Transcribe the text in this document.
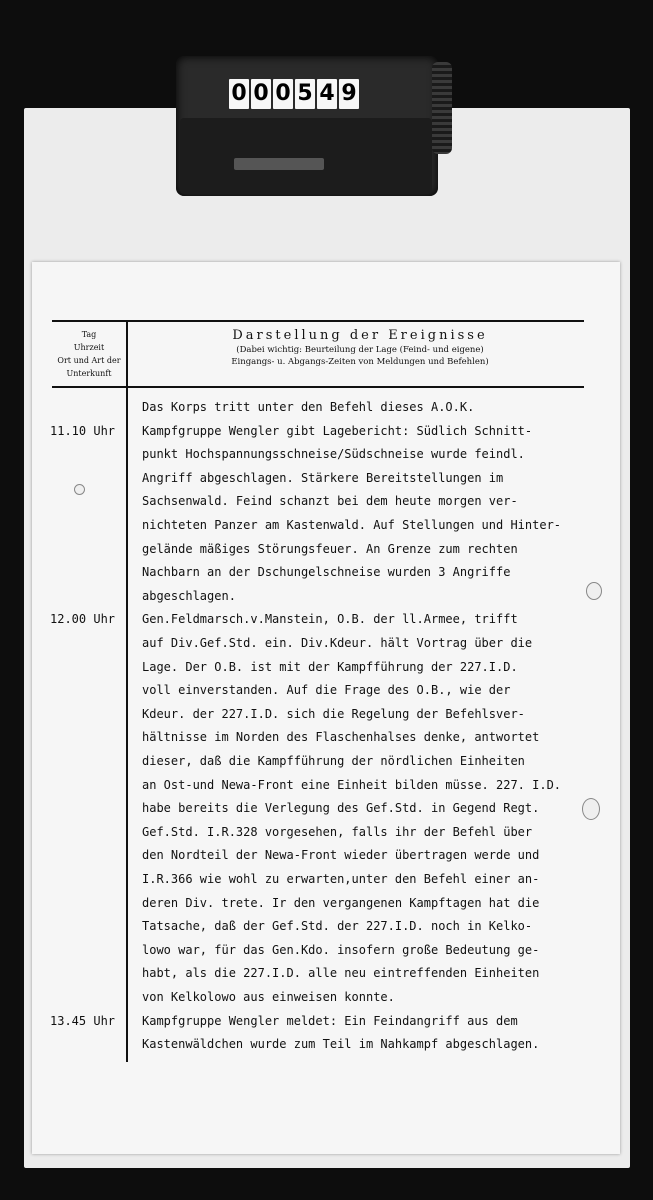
0 0 0 5 4 9
Tag
Uhrzeit
Ort und Art der
Unterkunft
Darstellung der Ereignisse
(Dabei wichtig: Beurteilung der Lage (Feind- und eigene)
Eingangs- u. Abgangs-Zeiten von Meldungen und Befehlen)
Das Korps tritt unter den Befehl dieses A.O.K.
11.10 Uhr	Kampfgruppe Wengler gibt Lagebericht: Südlich Schnitt-
punkt Hochspannungsschneise/Südschneise wurde feindl.
Angriff abgeschlagen. Stärkere Bereitstellungen im
Sachsenwald. Feind schanzt bei dem heute morgen ver-
nichteten Panzer am Kastenwald. Auf Stellungen und Hinter-
gelände mäßiges Störungsfeuer. An Grenze zum rechten
Nachbarn an der Dschungelschneise wurden 3 Angriffe
abgeschlagen.
12.00 Uhr	Gen.Feldmarsch.v.Manstein, O.B. der ll.Armee, trifft
auf Div.Gef.Std. ein. Div.Kdeur. hält Vortrag über die
Lage. Der O.B. ist mit der Kampfführung der 227.I.D.
voll einverstanden. Auf die Frage des O.B., wie der
Kdeur. der 227.I.D. sich die Regelung der Befehlsver-
hältnisse im Norden des Flaschenhalses denke, antwortet
dieser, daß die Kampfführung der nördlichen Einheiten
an Ost-und Newa-Front eine Einheit bilden müsse. 227. I.D.
habe bereits die Verlegung des Gef.Std. in Gegend Regt.
Gef.Std. I.R.328 vorgesehen, falls ihr der Befehl über
den Nordteil der Newa-Front wieder übertragen werde und
I.R.366 wie wohl zu erwarten,unter den Befehl einer an-
deren Div. trete. Ir den vergangenen Kampftagen hat die
Tatsache, daß der Gef.Std. der 227.I.D. noch in Kelko-
lowo war, für das Gen.Kdo. insofern große Bedeutung ge-
habt, als die 227.I.D. alle neu eintreffenden Einheiten
von Kelkolowo aus einweisen konnte.
13.45 Uhr	Kampfgruppe Wengler meldet: Ein Feindangriff aus dem
Kastenwäldchen wurde zum Teil im Nahkampf abgeschlagen.
